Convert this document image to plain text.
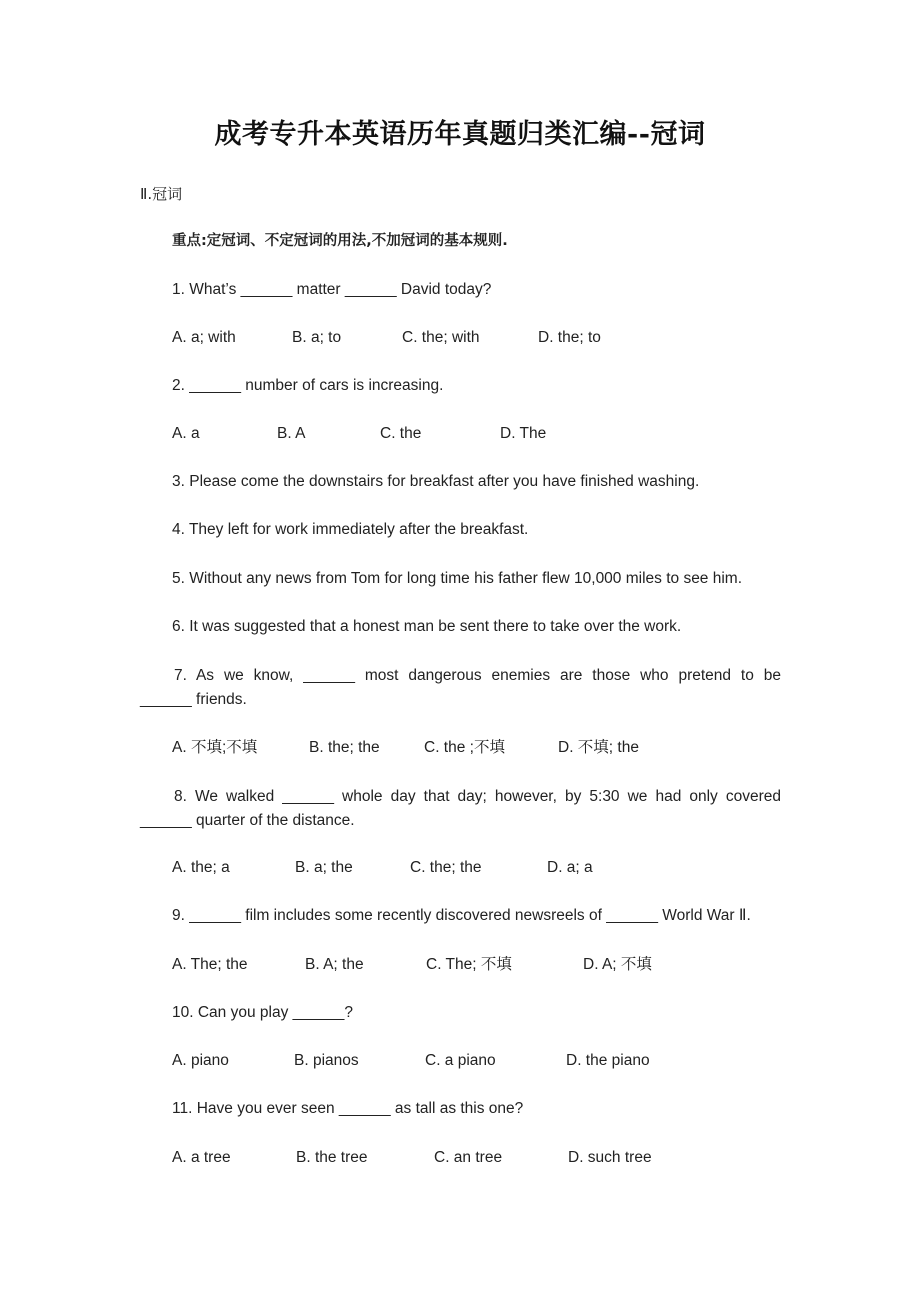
成考专升本英语历年真题归类汇编--冠词
Ⅱ.冠词
重点:定冠词、不定冠词的用法,不加冠词的基本规则.
1. What’s ______ matter ______ David today?
A. a; with	B. a; to	C. the; with	D. the; to
2. ______ number of cars is increasing.
A. a	B. A	C. the	D. The
3. Please come the downstairs for breakfast after you have finished washing.
4. They left for work immediately after the breakfast.
5. Without any news from Tom for long time his father flew 10,000 miles to see him.
6. It was suggested that a honest man be sent there to take over the work.
7. As we know, ______ most dangerous enemies are those who pretend to be
______ friends.
A. 不填;不填	B. the; the	C. the ;不填	D. 不填; the
8. We walked ______ whole day that day; however, by 5:30 we had only covered
______ quarter of the distance.
A. the; a	B. a; the	C. the; the	D. a; a
9. ______ film includes some recently discovered newsreels of ______ World War Ⅱ.
A. The; the	B. A; the	C. The; 不填	D. A; 不填
10. Can you play ______?
A. piano	B. pianos	C. a piano	D. the piano
11. Have you ever seen ______ as tall as this one?
A. a tree	B. the tree	C. an tree	D. such tree
